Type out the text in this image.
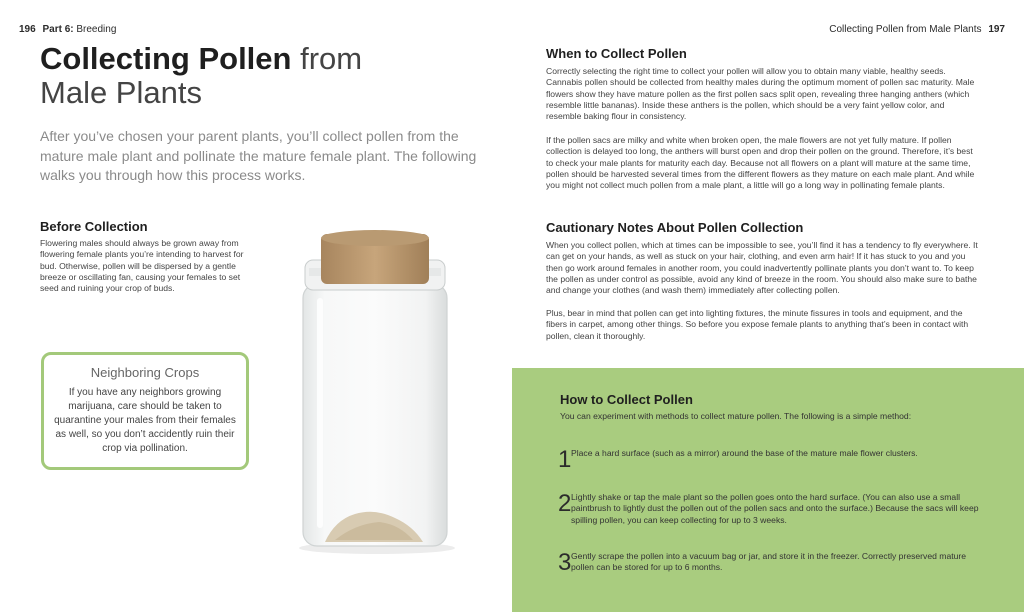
196 Part 6: Breeding	Collecting Pollen from Male Plants 197
Collecting Pollen from
Male Plants
After you’ve chosen your parent plants, you’ll collect pollen from the mature male plant and pollinate the mature female plant. The following walks you through how this process works.
Before Collection
Flowering males should always be grown away from flowering female plants you’re intending to harvest for bud. Otherwise, pollen will be dispersed by a gentle breeze or oscillating fan, causing your females to set seed and ruining your crop of buds.
Neighboring Crops
If you have any neighbors growing marijuana, care should be taken to quarantine your males from their females as well, so you don’t accidently ruin their crop via pollination.
When to Collect Pollen
Correctly selecting the right time to collect your pollen will allow you to obtain many viable, healthy seeds. Cannabis pollen should be collected from healthy males during the optimum moment of pollen sac maturity. Male flowers show they have mature pollen as the first pollen sacs split open, revealing three hanging anthers (which resemble little bananas). Inside these anthers is the pollen, which should be a very faint yellow color, and resemble baking flour in consistency.
If the pollen sacs are milky and white when broken open, the male flowers are not yet fully mature. If pollen collection is delayed too long, the anthers will burst open and drop their pollen on the ground. Therefore, it’s best to check your male plants for maturity each day. Because not all flowers on a plant will mature at the same time, pollen should be harvested several times from the different flowers as they mature on each male plant. And while you might not collect much pollen from a male plant, a little will go a long way in pollinating female plants.
Cautionary Notes About Pollen Collection
When you collect pollen, which at times can be impossible to see, you’ll find it has a tendency to fly everywhere. It can get on your hands, as well as stuck on your hair, clothing, and even arm hair! If it has stuck to you and you then go work around females in another room, you could inadvertently pollinate plants you don’t want to. To keep the pollen as under control as possible, avoid any kind of breeze in the room. You should also make sure to bathe and change your clothes (and wash them) immediately after collecting pollen.
Plus, bear in mind that pollen can get into lighting fixtures, the minute fissures in tools and equipment, and the fibers in carpet, among other things. So before you expose female plants to anything that’s been in contact with pollen, clean it thoroughly.
How to Collect Pollen
You can experiment with methods to collect mature pollen. The following is a simple method:
1 Place a hard surface (such as a mirror) around the base of the mature male flower clusters.
2 Lightly shake or tap the male plant so the pollen goes onto the hard surface. (You can also use a small paintbrush to lightly dust the pollen out of the pollen sacs and onto the surface.) Because the sacs will keep spilling pollen, you can keep collecting for up to 3 weeks.
3 Gently scrape the pollen into a vacuum bag or jar, and store it in the freezer. Correctly preserved mature pollen can be stored for up to 6 months.
